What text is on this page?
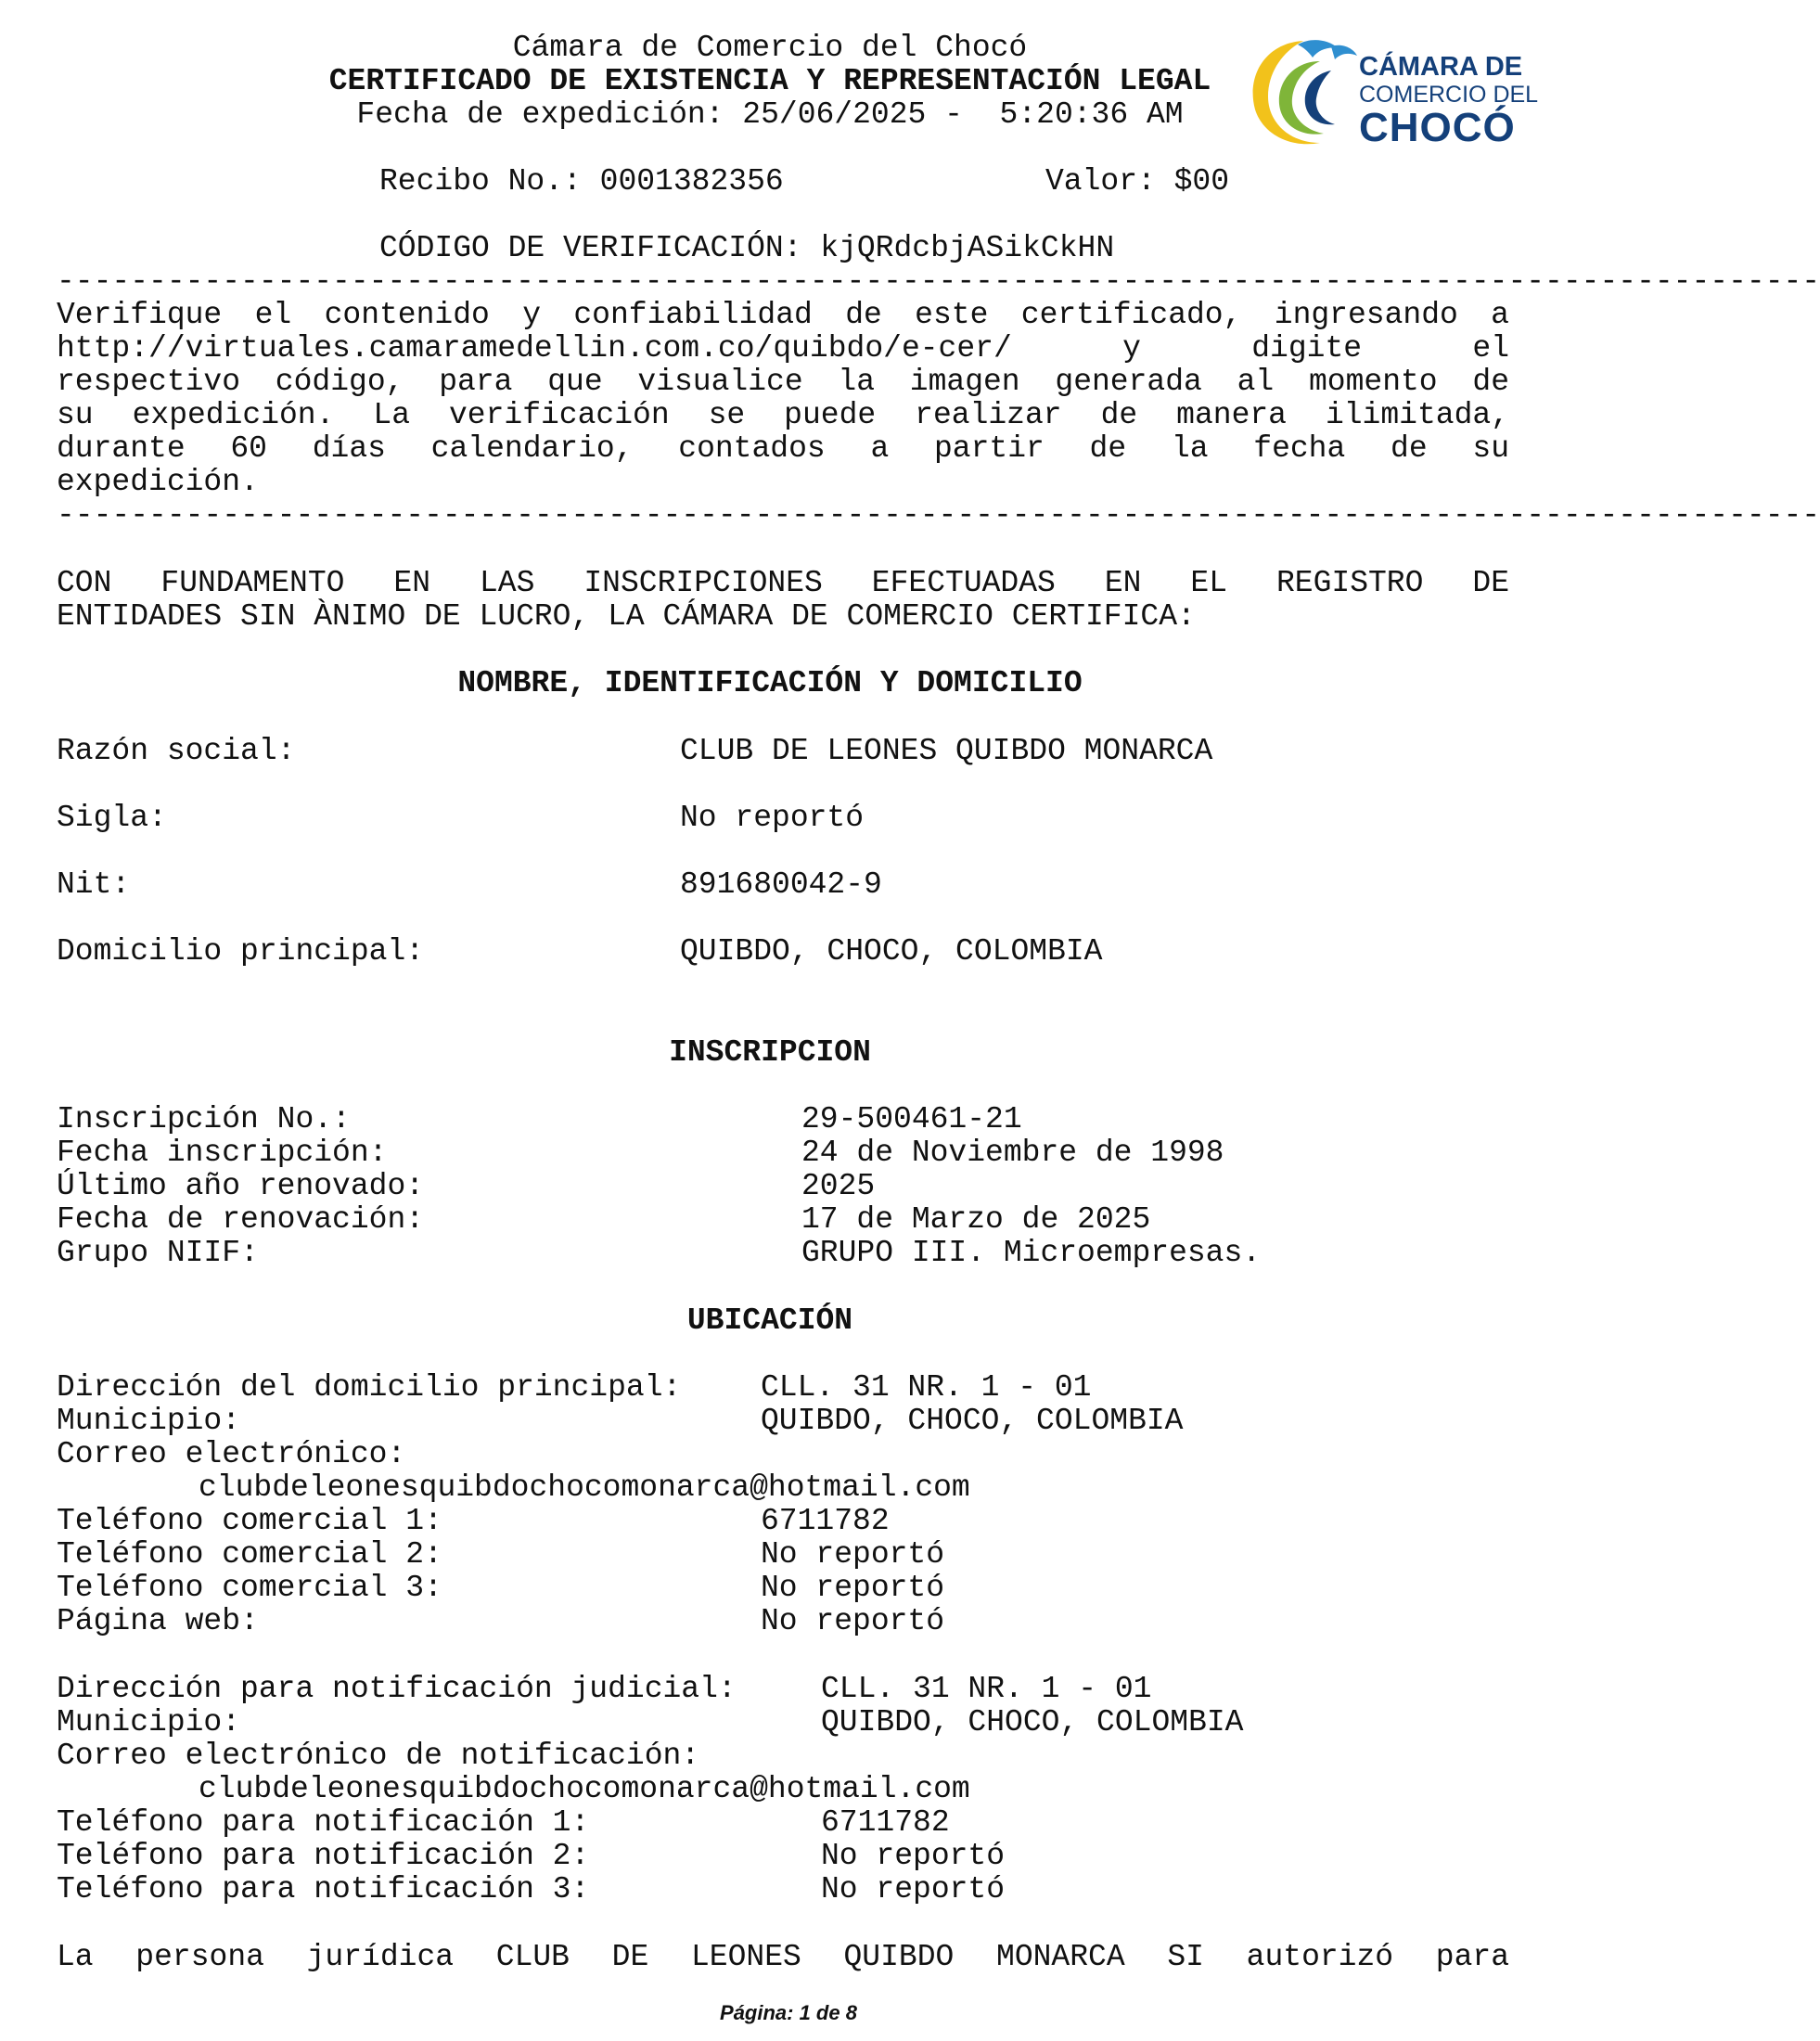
CÁMARA DE
COMERCIO DEL
CHOCÓ
Cámara de Comercio del Chocó
CERTIFICADO DE EXISTENCIA Y REPRESENTACIÓN LEGAL
Fecha de expedición: 25/06/2025 -  5:20:36 AM
Recibo No.: 0001382356	Valor: $00
CÓDIGO DE VERIFICACIÓN: kjQRdcbjASikCkHN
------------------------------------------------------------------------------------------------
Verifique el contenido y confiabilidad de este certificado, ingresando a
http://virtuales.camaramedellin.com.co/quibdo/e-cer/ y digite el
respectivo código, para que visualice la imagen generada al momento de
su expedición. La verificación se puede realizar de manera ilimitada,
durante 60 días calendario, contados a partir de la fecha de su
expedición.
------------------------------------------------------------------------------------------------
CON FUNDAMENTO EN LAS INSCRIPCIONES EFECTUADAS EN EL REGISTRO DE
ENTIDADES SIN ÀNIMO DE LUCRO, LA CÁMARA DE COMERCIO CERTIFICA:
NOMBRE, IDENTIFICACIÓN Y DOMICILIO
Razón social:	CLUB DE LEONES QUIBDO MONARCA
Sigla:	No reportó
Nit:	891680042-9
Domicilio principal:	QUIBDO, CHOCO, COLOMBIA
INSCRIPCION
Inscripción No.:	29-500461-21
Fecha inscripción:	24 de Noviembre de 1998
Último año renovado:	2025
Fecha de renovación:	17 de Marzo de 2025
Grupo NIIF:	GRUPO III. Microempresas.
UBICACIÓN
Dirección del domicilio principal:	CLL. 31 NR. 1 - 01
Municipio:	QUIBDO, CHOCO, COLOMBIA
Correo electrónico:
clubdeleonesquibdochocomonarca@hotmail.com
Teléfono comercial 1:	6711782
Teléfono comercial 2:	No reportó
Teléfono comercial 3:	No reportó
Página web:	No reportó
Dirección para notificación judicial:	CLL. 31 NR. 1 - 01
Municipio:	QUIBDO, CHOCO, COLOMBIA
Correo electrónico de notificación:
clubdeleonesquibdochocomonarca@hotmail.com
Teléfono para notificación 1:	6711782
Teléfono para notificación 2:	No reportó
Teléfono para notificación 3:	No reportó
La persona jurídica CLUB DE LEONES QUIBDO MONARCA SI autorizó para
Página: 1 de 8
